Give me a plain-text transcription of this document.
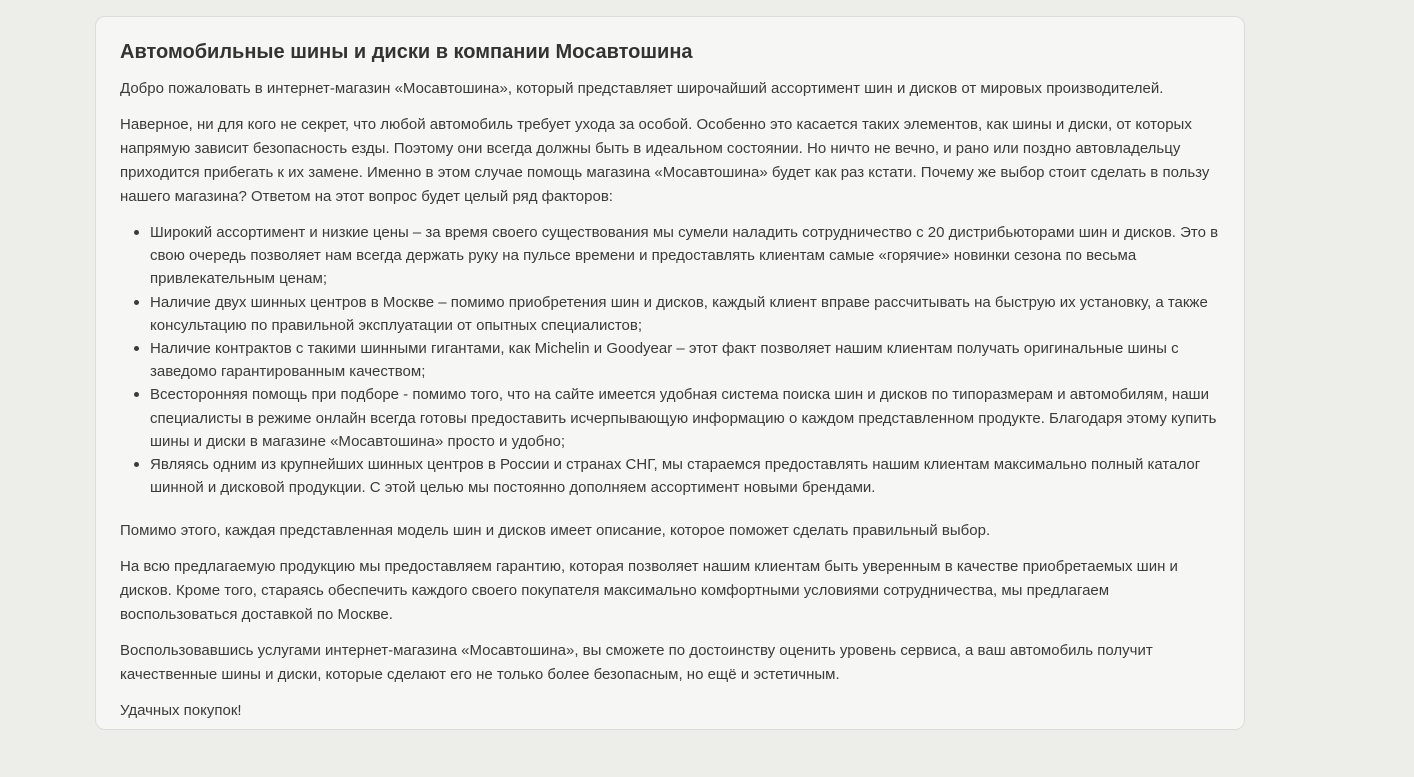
Автомобильные шины и диски в компании Мосавтошина

Добро пожаловать в интернет-магазин «Мосавтошина», который представляет широчайший ассортимент шин и дисков от мировых производителей.

Наверное, ни для кого не секрет, что любой автомобиль требует ухода за особой. Особенно это касается таких элементов, как шины и диски, от которых напрямую зависит безопасность езды. Поэтому они всегда должны быть в идеальном состоянии. Но ничто не вечно, и рано или поздно автовладельцу приходится прибегать к их замене. Именно в этом случае помощь магазина «Мосавтошина» будет как раз кстати. Почему же выбор стоит сделать в пользу нашего магазина? Ответом на этот вопрос будет целый ряд факторов:

Широкий ассортимент и низкие цены – за время своего существования мы сумели наладить сотрудничество с 20 дистрибьюторами шин и дисков. Это в свою очередь позволяет нам всегда держать руку на пульсе времени и предоставлять клиентам самые «горячие» новинки сезона по весьма привлекательным ценам;
Наличие двух шинных центров в Москве – помимо приобретения шин и дисков, каждый клиент вправе рассчитывать на быструю их установку, а также консультацию по правильной эксплуатации от опытных специалистов;
Наличие контрактов с такими шинными гигантами, как Michelin и Goodyear – этот факт позволяет нашим клиентам получать оригинальные шины с заведомо гарантированным качеством;
Всесторонняя помощь при подборе - помимо того, что на сайте имеется удобная система поиска шин и дисков по типоразмерам и автомобилям, наши специалисты в режиме онлайн всегда готовы предоставить исчерпывающую информацию о каждом представленном продукте. Благодаря этому купить шины и диски в магазине «Мосавтошина» просто и удобно;
Являясь одним из крупнейших шинных центров в России и странах СНГ, мы стараемся предоставлять нашим клиентам максимально полный каталог шинной и дисковой продукции. С этой целью мы постоянно дополняем ассортимент новыми брендами.

Помимо этого, каждая представленная модель шин и дисков имеет описание, которое поможет сделать правильный выбор.

На всю предлагаемую продукцию мы предоставляем гарантию, которая позволяет нашим клиентам быть уверенным в качестве приобретаемых шин и дисков. Кроме того, стараясь обеспечить каждого своего покупателя максимально комфортными условиями сотрудничества, мы предлагаем воспользоваться доставкой по Москве.

Воспользовавшись услугами интернет-магазина «Мосавтошина», вы сможете по достоинству оценить уровень сервиса, а ваш автомобиль получит качественные шины и диски, которые сделают его не только более безопасным, но ещё и эстетичным.

Удачных покупок!
